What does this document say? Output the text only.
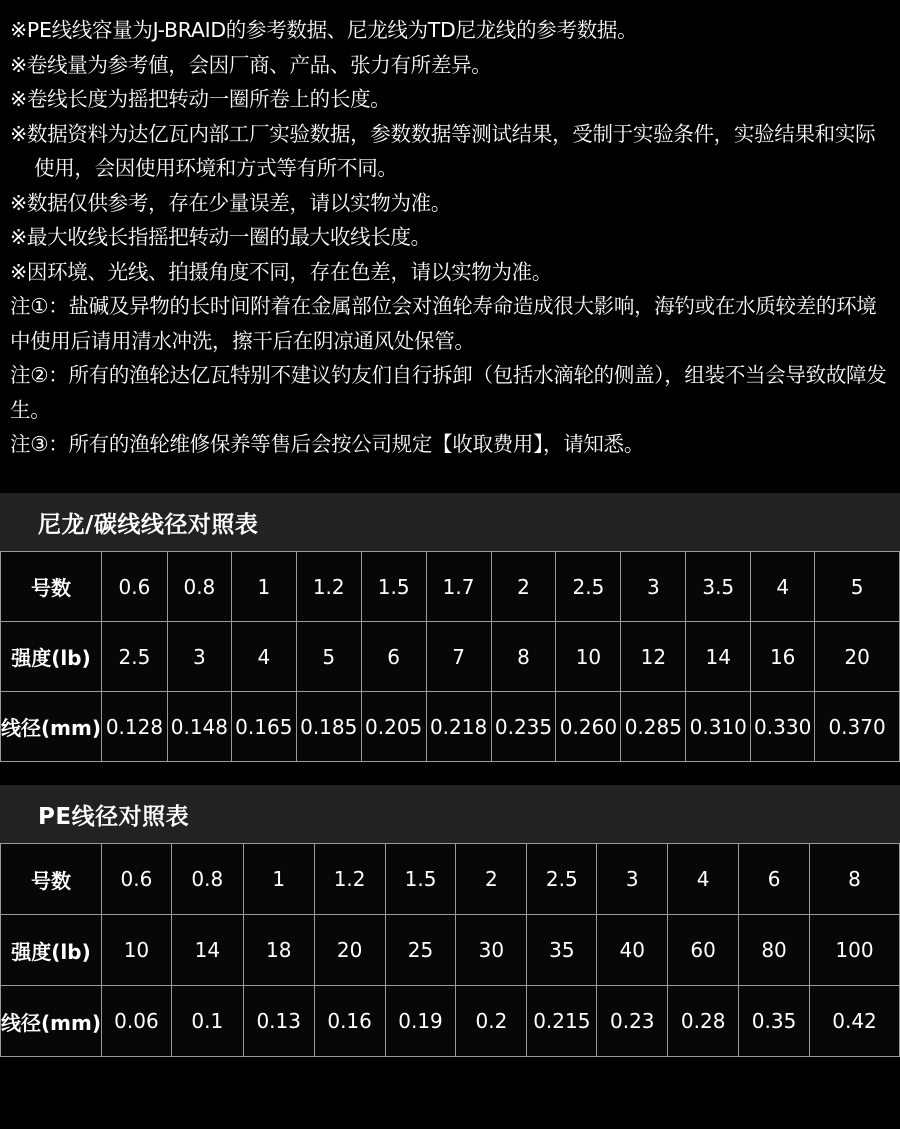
※PE线线容量为J-BRAID的参考数据、尼龙线为TD尼龙线的参考数据。

※卷线量为参考値，会因厂商、产品、张力有所差异。

※卷线长度为摇把转动一圈所卷上的长度。

※数据资料为达亿瓦内部工厂实验数据，参数数据等测试结果，受制于实验条件，实验结果和实际使用，会因使用环境和方式等有所不同。

※数据仅供参考，存在少量误差，请以实物为准。

※最大收线长指摇把转动一圈的最大收线长度。

※因环境、光线、拍摄角度不同，存在色差，请以实物为准。

注①：盐碱及异物的长时间附着在金属部位会对渔轮寿命造成很大影响，海钓或在水质较差的环境中使用后请用清水冲洗，擦干后在阴凉通风处保管。

注②：所有的渔轮达亿瓦特别不建议钓友们自行拆卸（包括水滴轮的侧盖），组装不当会导致故障发生。

注③：所有的渔轮维修保养等售后会按公司规定【收取费用】，请知悉。

尼龙/碳线线径对照表
号数	0.6	0.8	1	1.2	1.5	1.7	2	2.5	3	3.5	4	5
强度(lb)	2.5	3	4	5	6	7	8	10	12	14	16	20
线径(mm)	0.128	0.148	0.165	0.185	0.205	0.218	0.235	0.260	0.285	0.310	0.330	0.370
PE线径对照表
号数	0.6	0.8	1	1.2	1.5	2	2.5	3	4	6	8
强度(lb)	10	14	18	20	25	30	35	40	60	80	100
线径(mm)	0.06	0.1	0.13	0.16	0.19	0.2	0.215	0.23	0.28	0.35	0.42
